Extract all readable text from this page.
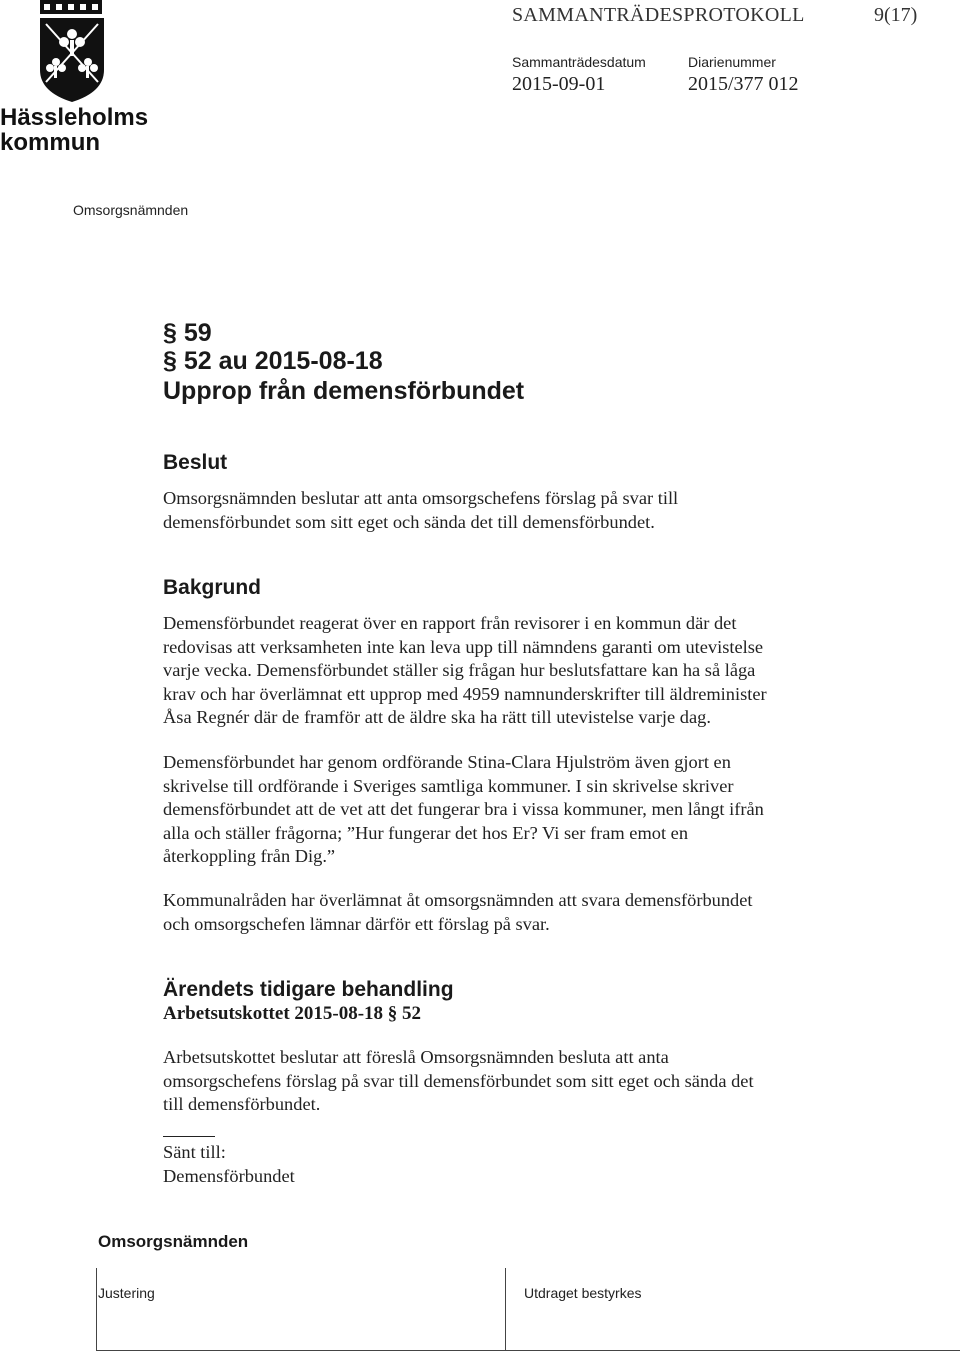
Hässleholms
kommun
SAMMANTRÄDESPROTOKOLL	9(17)
Sammanträdesdatum	Diarienummer
2015-09-01	2015/377 012
Omsorgsnämnden
§ 59
§ 52 au 2015-08-18
Upprop från demensförbundet
Beslut

Omsorgsnämnden beslutar att anta omsorgschefens förslag på svar till

demensförbundet som sitt eget och sända det till demensförbundet.

Bakgrund

Demensförbundet reagerat över en rapport från revisorer i en kommun där det

redovisas att verksamheten inte kan leva upp till nämndens garanti om utevistelse

varje vecka. Demensförbundet ställer sig frågan hur beslutsfattare kan ha så låga

krav och har överlämnat ett upprop med 4959 namnunderskrifter till äldreminister

Åsa Regnér där de framför att de äldre ska ha rätt till utevistelse varje dag.

Demensförbundet har genom ordförande Stina-Clara Hjulström även gjort en

skrivelse till ordförande i Sveriges samtliga kommuner. I sin skrivelse skriver

demensförbundet att de vet att det fungerar bra i vissa kommuner, men långt ifrån

alla och ställer frågorna; ”Hur fungerar det hos Er? Vi ser fram emot en

återkoppling från Dig.”

Kommunalråden har överlämnat åt omsorgsnämnden att svara demensförbundet

och omsorgschefen lämnar därför ett förslag på svar.

Ärendets tidigare behandling
Arbetsutskottet 2015-08-18 § 52

Arbetsutskottet beslutar att föreslå Omsorgsnämnden besluta att anta

omsorgschefens förslag på svar till demensförbundet som sitt eget och sända det

till demensförbundet.

Sänt till:
Demensförbundet
Omsorgsnämnden
Justering	Utdraget bestyrkes
